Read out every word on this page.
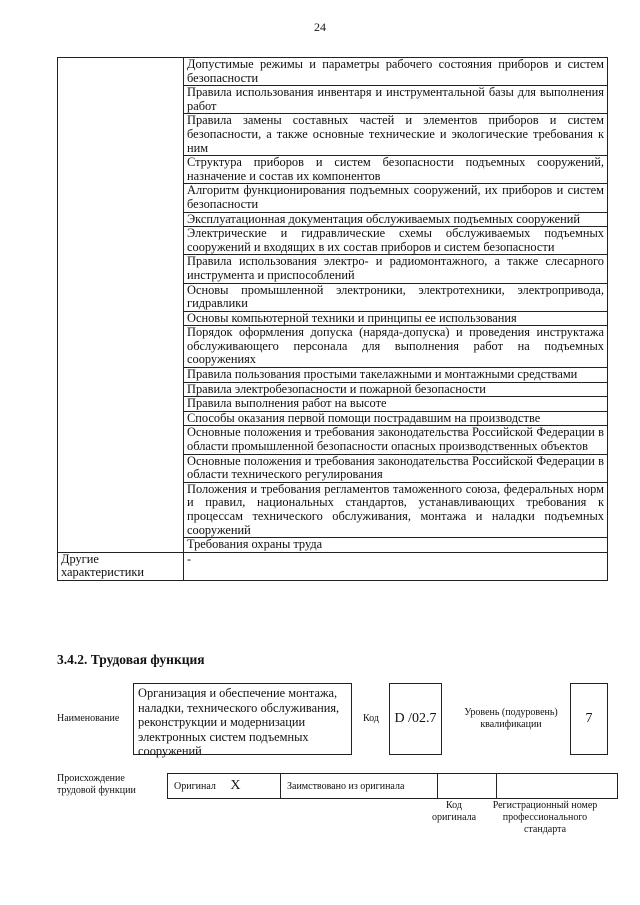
24
	Допустимые режимы и параметры рабочего состояния приборов и систем безопасности
	Правила использования инвентаря и инструментальной базы для выполнения работ
	Правила замены составных частей и элементов приборов и систем безопасности, а также основные технические и экологические требования к ним
	Структура приборов и систем безопасности подъемных сооружений, назначение и состав их компонентов
	Алгоритм функционирования подъемных сооружений, их приборов и систем безопасности
	Эксплуатационная документация обслуживаемых подъемных сооружений
	Электрические и гидравлические схемы обслуживаемых подъемных сооружений и входящих в их состав приборов и систем безопасности
	Правила использования электро- и радиомонтажного, а также слесарного инструмента и приспособлений
	Основы промышленной электроники, электротехники, электропривода, гидравлики
	Основы компьютерной техники и принципы ее использования
	Порядок оформления допуска (наряда-допуска) и проведения инструктажа обслуживающего персонала для выполнения работ на подъемных сооружениях
	Правила пользования простыми такелажными и монтажными средствами
	Правила электробезопасности и пожарной безопасности
	Правила выполнения работ на высоте
	Способы оказания первой помощи пострадавшим на производстве
	Основные положения и требования законодательства Российской Федерации в области промышленной безопасности опасных производственных объектов
	Основные положения и требования законодательства Российской Федерации в области технического регулирования
	Положения и требования регламентов таможенного союза, федеральных норм и правил, национальных стандартов, устанавливающих требования к процессам технического обслуживания, монтажа и наладки подъемных сооружений
	Требования охраны труда
Другие характеристики	-
3.4.2. Трудовая функция
Наименование
Организация и обеспечение монтажа, наладки, технического обслуживания, реконструкции и модернизации электронных систем подъемных сооружений
Код	D /02.7	Уровень (подуровень) квалификации	7
Происхождение трудовой функции	Оригинал X	Заимствовано из оригинала		
Код оригинала
Регистрационный номер профессионального стандарта
